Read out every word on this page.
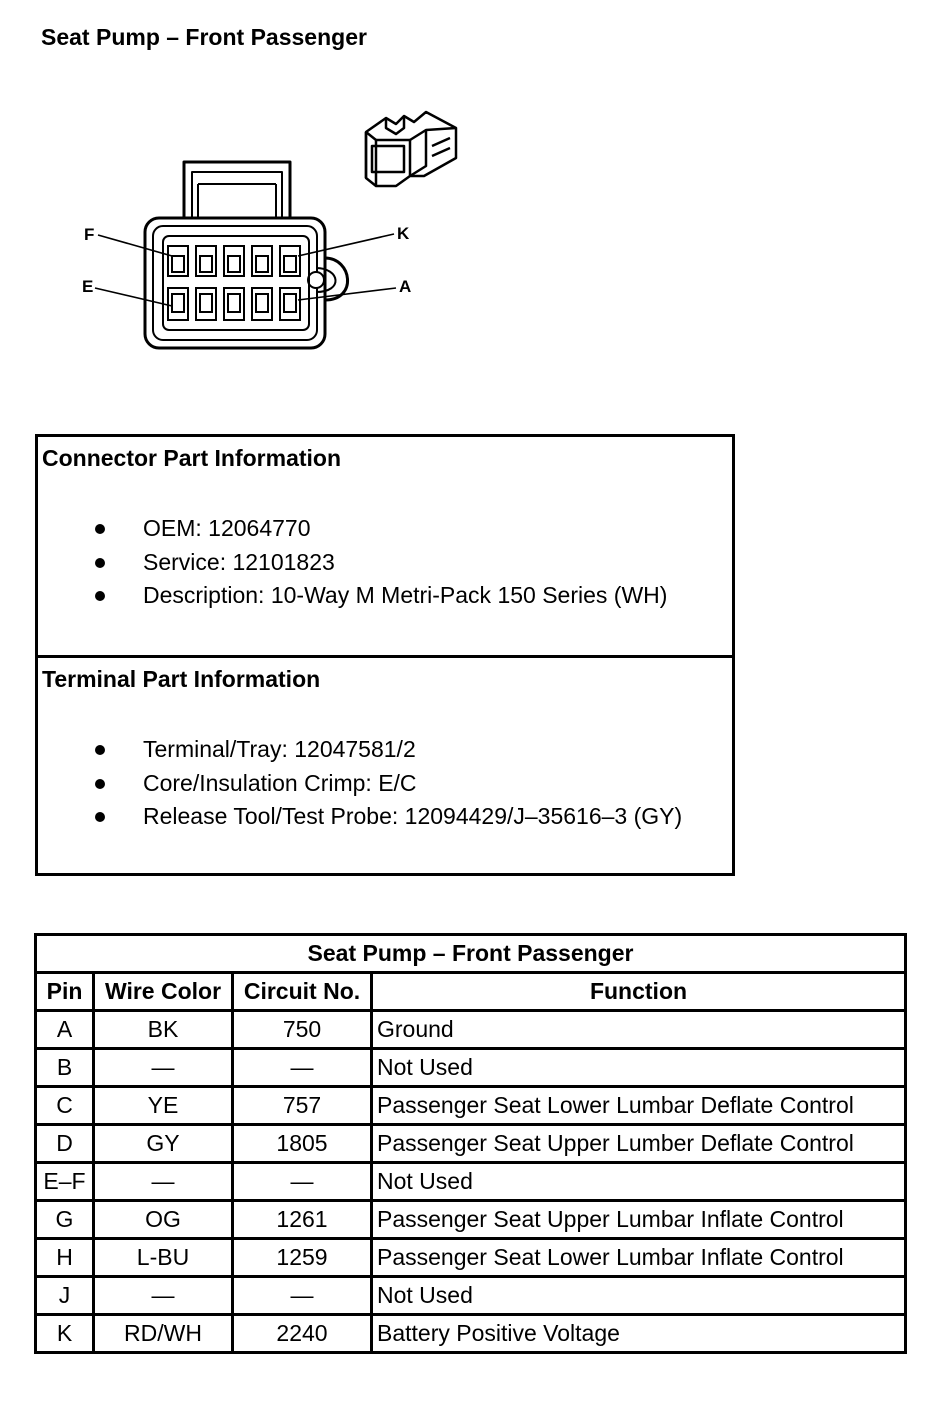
Seat Pump – Front Passenger
F	K
E	A
Connector Part Information
OEM: 12064770
Service: 12101823
Description: 10-Way M Metri-Pack 150 Series (WH)
Terminal Part Information
Terminal/Tray: 12047581/2
Core/Insulation Crimp: E/C
Release Tool/Test Probe: 12094429/J–35616–3 (GY)
Seat Pump – Front Passenger			
Pin	Wire Color	Circuit No.	Function
A	BK	750	Ground
B	—	—	Not Used
C	YE	757	Passenger Seat Lower Lumbar Deflate Control
D	GY	1805	Passenger Seat Upper Lumber Deflate Control
E–F	—	—	Not Used
G	OG	1261	Passenger Seat Upper Lumbar Inflate Control
H	L-BU	1259	Passenger Seat Lower Lumbar Inflate Control
J	—	—	Not Used
K	RD/WH	2240	Battery Positive Voltage
